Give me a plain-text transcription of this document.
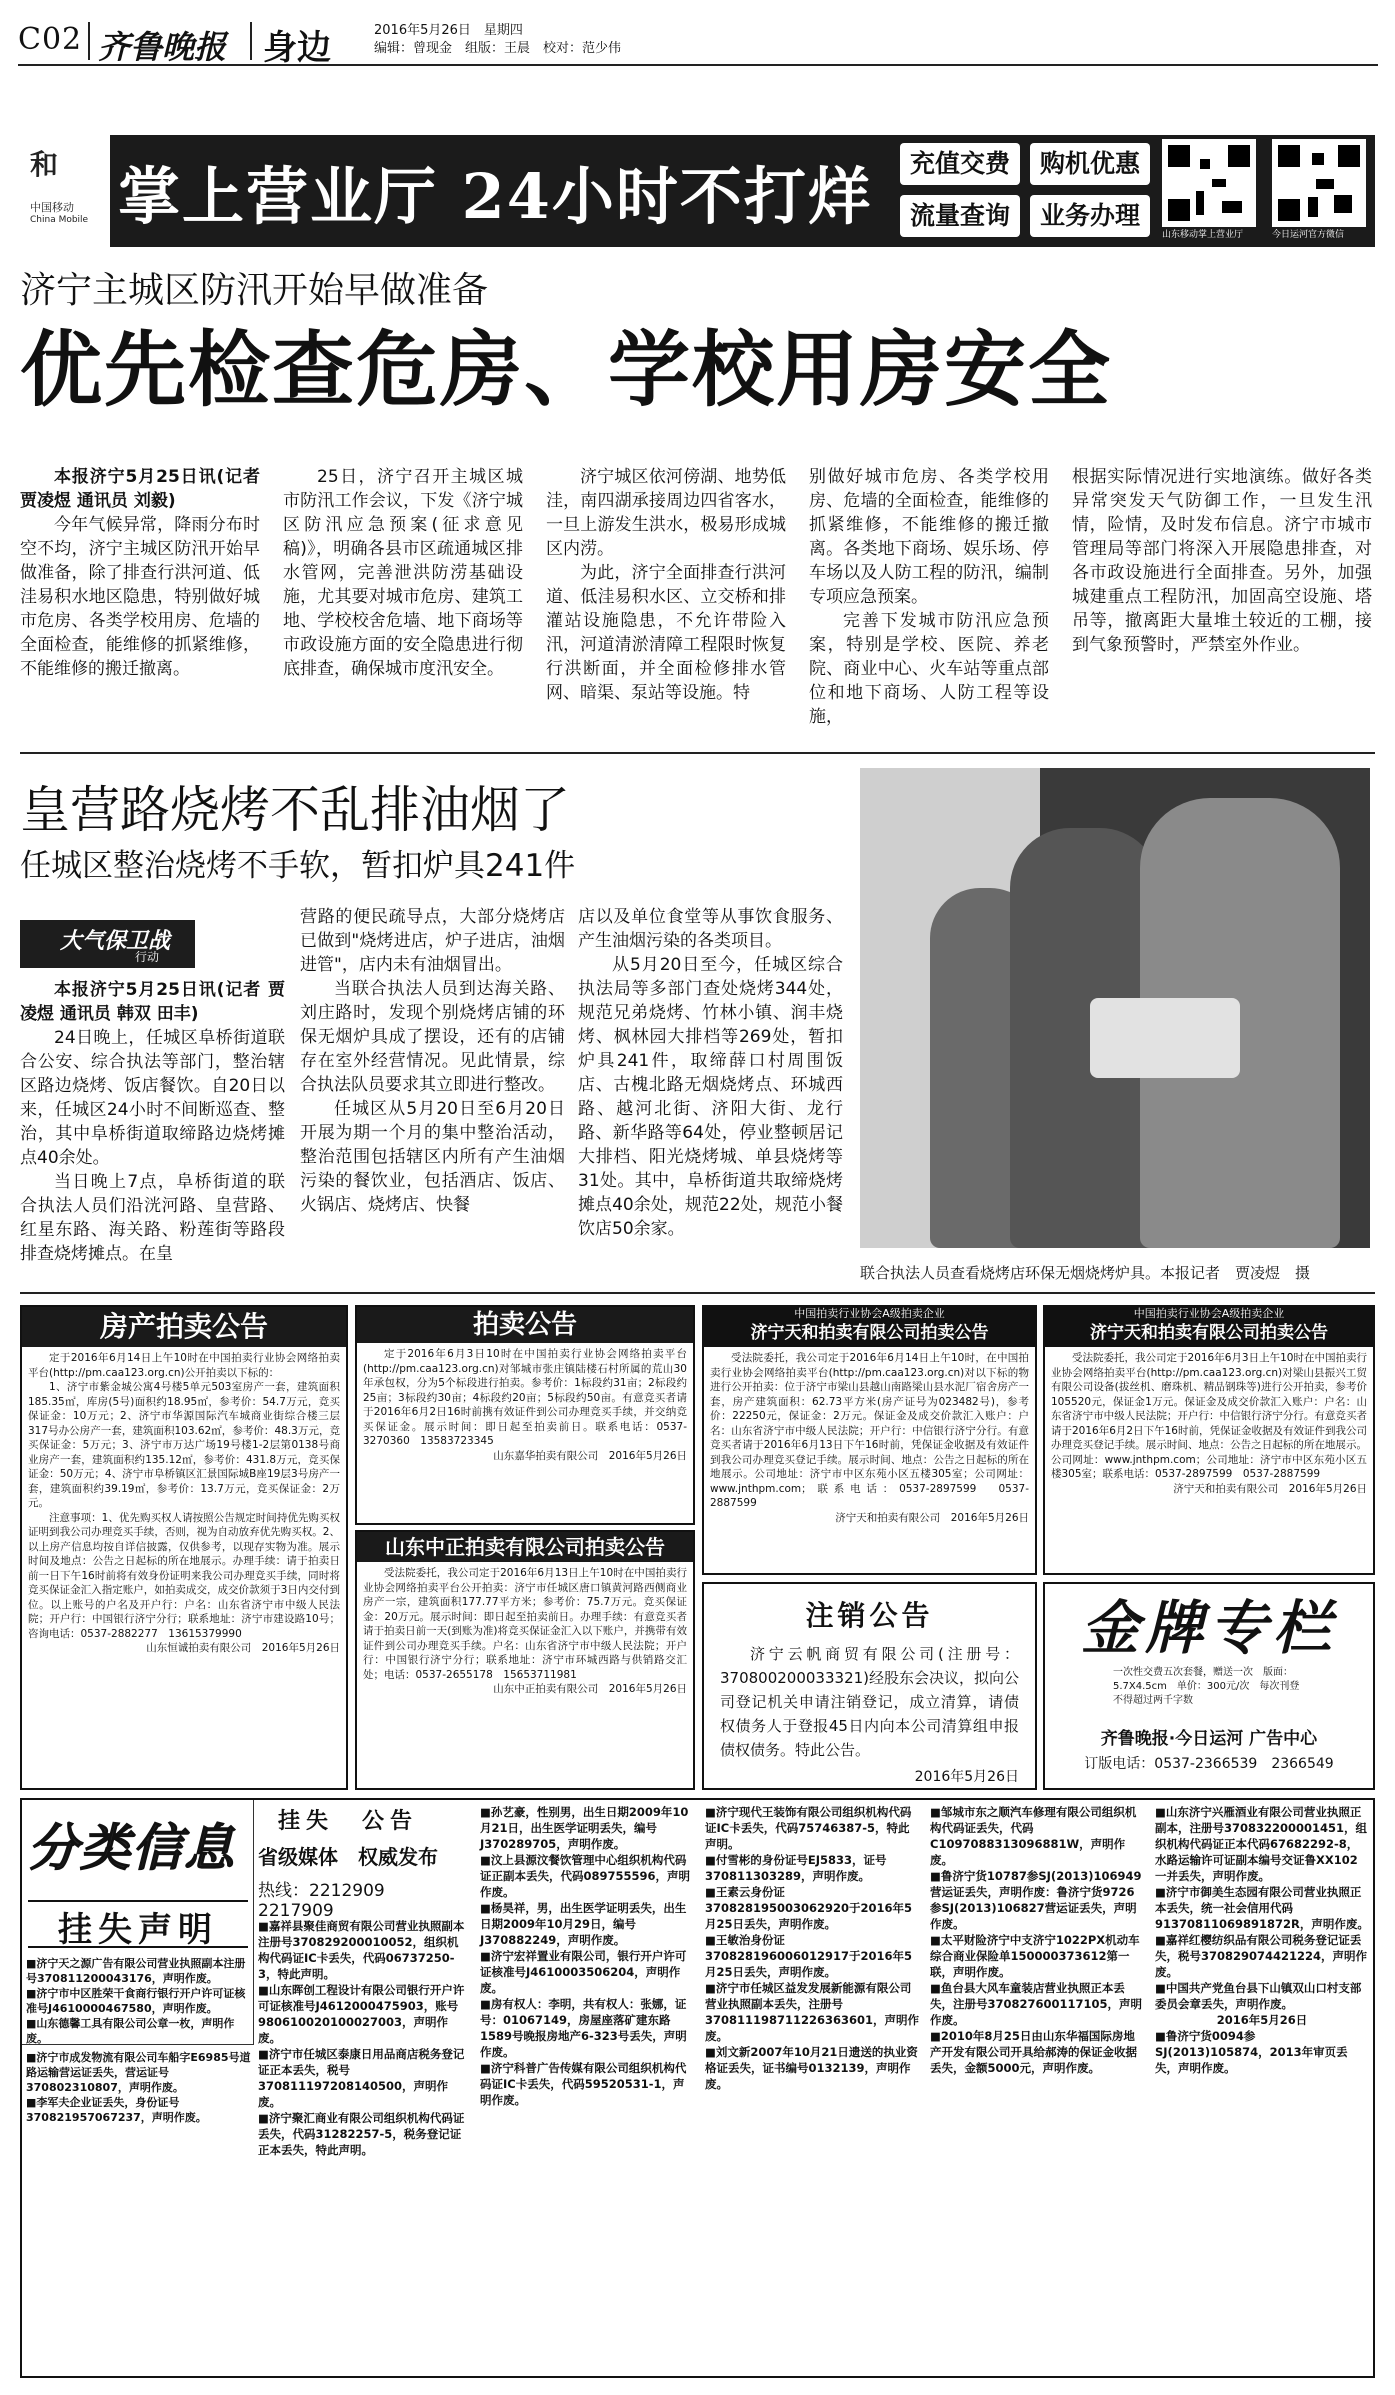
C02 齐鲁晚报 身边	2016年5月26日　星期四
编辑：曾现金　组版：王晨　校对：范少伟
和
中国移动
China Mobile 掌上营业厅 24小时不打烊	充值交费	购机优惠
流量查询	业务办理
山东移动掌上营业厅	今日运河官方微信
济宁主城区防汛开始早做准备
优先检查危房、学校用房安全

本报济宁5月25日讯(记者 贾凌煜 通讯员 刘毅)

今年气候异常，降雨分布时空不均，济宁主城区防汛开始早做准备，除了排查行洪河道、低洼易积水地区隐患，特别做好城市危房、各类学校用房、危墙的全面检查，能维修的抓紧维修，不能维修的搬迁撤离。

25日，济宁召开主城区城市防汛工作会议，下发《济宁城区防汛应急预案(征求意见稿)》，明确各县市区疏通城区排水管网，完善泄洪防涝基础设施，尤其要对城市危房、建筑工地、学校校舍危墙、地下商场等市政设施方面的安全隐患进行彻底排查，确保城市度汛安全。

济宁城区依河傍湖、地势低洼，南四湖承接周边四省客水，一旦上游发生洪水，极易形成城区内涝。

为此，济宁全面排查行洪河道、低洼易积水区、立交桥和排灌站设施隐患，不允许带险入汛，河道清淤清障工程限时恢复行洪断面，并全面检修排水管网、暗渠、泵站等设施。特

别做好城市危房、各类学校用房、危墙的全面检查，能维修的抓紧维修，不能维修的搬迁撤离。各类地下商场、娱乐场、停车场以及人防工程的防汛，编制专项应急预案。

完善下发城市防汛应急预案，特别是学校、医院、养老院、商业中心、火车站等重点部位和地下商场、人防工程等设施，

根据实际情况进行实地演练。做好各类异常突发天气防御工作，一旦发生汛情，险情，及时发布信息。济宁市城市管理局等部门将深入开展隐患排查，对各市政设施进行全面排查。另外，加强城建重点工程防汛，加固高空设施、塔吊等，撤离距大量堆土较近的工棚，接到气象预警时，严禁室外作业。

皇营路烧烤不乱排油烟了
任城区整治烧烤不手软，暂扣炉具241件
大气保卫战
行动

本报济宁5月25日讯(记者 贾凌煜 通讯员 韩双 田丰)

24日晚上，任城区阜桥街道联合公安、综合执法等部门，整治辖区路边烧烤、饭店餐饮。自20日以来，任城区24小时不间断巡查、整治，其中阜桥街道取缔路边烧烤摊点40余处。

当日晚上7点，阜桥街道的联合执法人员们沿洸河路、皇营路、红星东路、海关路、粉莲街等路段排查烧烤摊点。在皇

营路的便民疏导点，大部分烧烤店已做到"烧烤进店，炉子进店，油烟进管"，店内未有油烟冒出。

当联合执法人员到达海关路、刘庄路时，发现个别烧烤店铺的环保无烟炉具成了摆设，还有的店铺存在室外经营情况。见此情景，综合执法队员要求其立即进行整改。

任城区从5月20日至6月20日开展为期一个月的集中整治活动，整治范围包括辖区内所有产生油烟污染的餐饮业，包括酒店、饭店、火锅店、烧烤店、快餐

店以及单位食堂等从事饮食服务、产生油烟污染的各类项目。

从5月20日至今，任城区综合执法局等多部门查处烧烤344处，规范兄弟烧烤、竹林小镇、润丰烧烤、枫林园大排档等269处，暂扣炉具241件，取缔薛口村周围饭店、古槐北路无烟烧烤点、环城西路、越河北街、济阳大街、龙行路、新华路等64处，停业整顿居记大排档、阳光烧烤城、单县烧烤等31处。其中，阜桥街道共取缔烧烤摊点40余处，规范22处，规范小餐饮店50余家。

联合执法人员查看烧烤店环保无烟烧烤炉具。本报记者　贾凌煜　摄
房产拍卖公告

定于2016年6月14日上午10时在中国拍卖行业协会网络拍卖平台(http://pm.caa123.org.cn)公开拍卖以下标的：

1、济宁市紫金城公寓4号楼5单元503室房产一套，建筑面积185.35㎡，库房(5号)面积约18.95㎡，参考价：54.7万元，竞买保证金：10万元；2、济宁市华源国际汽车城商业街综合楼三层317号办公房产一套，建筑面积103.62㎡，参考价：48.3万元，竞买保证金：5万元；3、济宁市万达广场19号楼1-2层第0138号商业房产一套，建筑面积约135.12㎡，参考价：431.8万元，竞买保证金：50万元；4、济宁市阜桥镇区汇景国际城B座19层3号房产一套，建筑面积约39.19㎡，参考价：13.7万元，竞买保证金：2万元。

注意事项：1、优先购买权人请按照公告规定时间持优先购买权证明到我公司办理竞买手续，否则，视为自动放弃优先购买权。2、以上房产信息均按自详信披露，仅供参考，以现存实物为准。展示时间及地点：公告之日起标的所在地展示。办理手续：请于拍卖日前一日下午16时前将有效身份证明来我公司办理竞买手续，同时将竞买保证金汇入指定账户，如拍卖成交，成交价款须于3日内交付到位。以上账号的户名及开户行：户名：山东省济宁市中级人民法院；开户行：中国银行济宁分行；联系地址：济宁市建设路10号；咨询电话：0537-2882277　13615379990

山东恒诚拍卖有限公司　2016年5月26日

拍卖公告

定于2016年6月3日10时在中国拍卖行业协会网络拍卖平台(http://pm.caa123.org.cn)对邹城市张庄镇陆楼石村所属的荒山30年承包权，分为5个标段进行拍卖。参考价：1标段约31亩；2标段约25亩；3标段约30亩；4标段约20亩；5标段约50亩。有意竞买者请于2016年6月2日16时前携有效证件到公司办理竞买手续，并交纳竞买保证金。展示时间：即日起至拍卖前日。联系电话：0537-3270360　13583723345

山东嘉华拍卖有限公司　2016年5月26日

山东中正拍卖有限公司拍卖公告

受法院委托，我公司定于2016年6月13日上午10时在中国拍卖行业协会网络拍卖平台公开拍卖：济宁市任城区唐口镇黄河路西侧商业房产一宗，建筑面积177.77平方米；参考价：75.7万元。竞买保证金：20万元。展示时间：即日起至拍卖前日。办理手续：有意竞买者请于拍卖日前一天(到账为准)将竞买保证金汇入以下账户，并携带有效证件到公司办理竞买手续。户名：山东省济宁市中级人民法院；开户行：中国银行济宁分行；联系地址：济宁市环城西路与供销路交汇处；电话：0537-2655178　15653711981

山东中正拍卖有限公司　2016年5月26日

中国拍卖行业协会A级拍卖企业
济宁天和拍卖有限公司拍卖公告

受法院委托，我公司定于2016年6月14日上午10时，在中国拍卖行业协会网络拍卖平台(http://pm.caa123.org.cn)对以下标的物进行公开拍卖：位于济宁市梁山县越山南路梁山县水泥厂宿舍房产一套，房产建筑面积：62.73平方米(房产证号为023482号)，参考价：22250元，保证金：2万元。保证金及成交价款汇入账户：户名：山东省济宁市中级人民法院；开户行：中信银行济宁分行。有意竞买者请于2016年6月13日下午16时前，凭保证金收据及有效证件到我公司办理竞买登记手续。展示时间、地点：公告之日起标的所在地展示。公司地址：济宁市中区东苑小区五楼305室；公司网址：www.jnthpm.com；联系电话：0537-2897599　0537-2887599

济宁天和拍卖有限公司　2016年5月26日

中国拍卖行业协会A级拍卖企业
济宁天和拍卖有限公司拍卖公告

受法院委托，我公司定于2016年6月3日上午10时在中国拍卖行业协会网络拍卖平台(http://pm.caa123.org.cn)对梁山县振兴工贸有限公司设备(拔丝机、磨珠机、精品钢珠等)进行公开拍卖，参考价105520元，保证金1万元。保证金及成交价款汇入账户：户名：山东省济宁市中级人民法院；开户行：中信银行济宁分行。有意竞买者请于2016年6月2日下午16时前，凭保证金收据及有效证件到我公司办理竞买登记手续。展示时间、地点：公告之日起标的所在地展示。公司网址：www.jnthpm.com；公司地址：济宁市中区东苑小区五楼305室；联系电话：0537-2897599　0537-2887599

济宁天和拍卖有限公司　2016年5月26日

注销公告
济宁云帆商贸有限公司(注册号：370800200033321)经股东会决议，拟向公司登记机关申请注销登记，成立清算，请债权债务人于登报45日内向本公司清算组申报债权债务。特此公告。
2016年5月26日
金牌专栏
一次性交费五次套餐，赠送一次　版面：5.7X4.5cm　单价：300元/次　每次刊登不得超过两千字数
齐鲁晚报·今日运河 广告中心
订版电话：0537-2366539　2366549
分类信息
挂失声明

■济宁天之源广告有限公司营业执照副本注册号370811200043176，声明作废。

■济宁市中区胜荣干食商行银行开户许可证核准号J4610000467580，声明作废。

■山东德馨工具有限公司公章一枚，声明作废。

挂失　公告
省级媒体　权威发布
热线：2212909　2217909

■济宁市成发物流有限公司车船字E6985号道路运输营运证丢失，营运证号370802310807，声明作废。

■李军夫企业证丢失，身份证号370821957067237，声明作废。

■嘉祥县聚佳商贸有限公司营业执照副本注册号370829200010052，组织机构代码证IC卡丢失，代码06737250-3，特此声明。

■山东晖创工程设计有限公司银行开户许可证核准号J4612000475903，账号980610020100027003，声明作废。

■济宁市任城区泰康日用品商店税务登记证正本丢失，税号370811197208140500，声明作废。

■济宁聚汇商业有限公司组织机构代码证丢失，代码31282257-5，税务登记证正本丢失，特此声明。

■孙艺豪，性别男，出生日期2009年10月21日，出生医学证明丢失，编号J370289705，声明作废。

■汶上县源汶餐饮管理中心组织机构代码证正副本丢失，代码089755596，声明作废。

■杨昊祥，男，出生医学证明丢失，出生日期2009年10月29日，编号J370882249，声明作废。

■济宁宏祥置业有限公司，银行开户许可证核准号J4610003506204，声明作废。

■房有权人：李明，共有权人：张娜，证号：01067149，房屋座落矿建东路1589号晚报房地产6-323号丢失，声明作废。

■济宁科普广告传媒有限公司组织机构代码证IC卡丢失，代码59520531-1，声明作废。

■济宁现代王装饰有限公司组织机构代码证IC卡丢失，代码75746387-5，特此声明。

■付雪彬的身份证号EJ5833，证号370811303289，声明作废。

■王素云身份证370828195003062920于2016年5月25日丢失，声明作废。

■王敏治身份证370828196006012917于2016年5月25日丢失，声明作废。

■济宁市任城区益发发展新能源有限公司营业执照副本丢失，注册号370811198711226363601，声明作废。

■刘文新2007年10月21日遗送的执业资格证丢失，证书编号0132139，声明作废。

■邹城市东之顺汽车修理有限公司组织机构代码证丢失，代码C1097088313096881W，声明作废。

■鲁济宁货10787参SJ(2013)106949营运证丢失，声明作废：鲁济宁货9726参SJ(2013)106827营运证丢失，声明作废。

■太平财险济宁中支济宁1022PX机动车综合商业保险单150000373612第一联，声明作废。

■鱼台县大风车童装店营业执照正本丢失，注册号370827600117105，声明作废。

■2010年8月25日由山东华福国际房地产开发有限公司开具给郝涛的保证金收据丢失，金额5000元，声明作废。

■山东济宁兴雁酒业有限公司营业执照正副本，注册号370832200001451，组织机构代码证正本代码67682292-8，水路运输许可证副本编号交证鲁XX102一并丢失，声明作废。

■济宁市御美生态园有限公司营业执照正本丢失，统一社会信用代码91370811069891872R，声明作废。

■嘉祥红樱纺织品有限公司税务登记证丢失，税号370829074421224，声明作废。

■中国共产党鱼台县下山镇双山口村支部委员会章丢失，声明作废。

2016年5月26日

■鲁济宁货0094参SJ(2013)105874，2013年审页丢失，声明作废。
